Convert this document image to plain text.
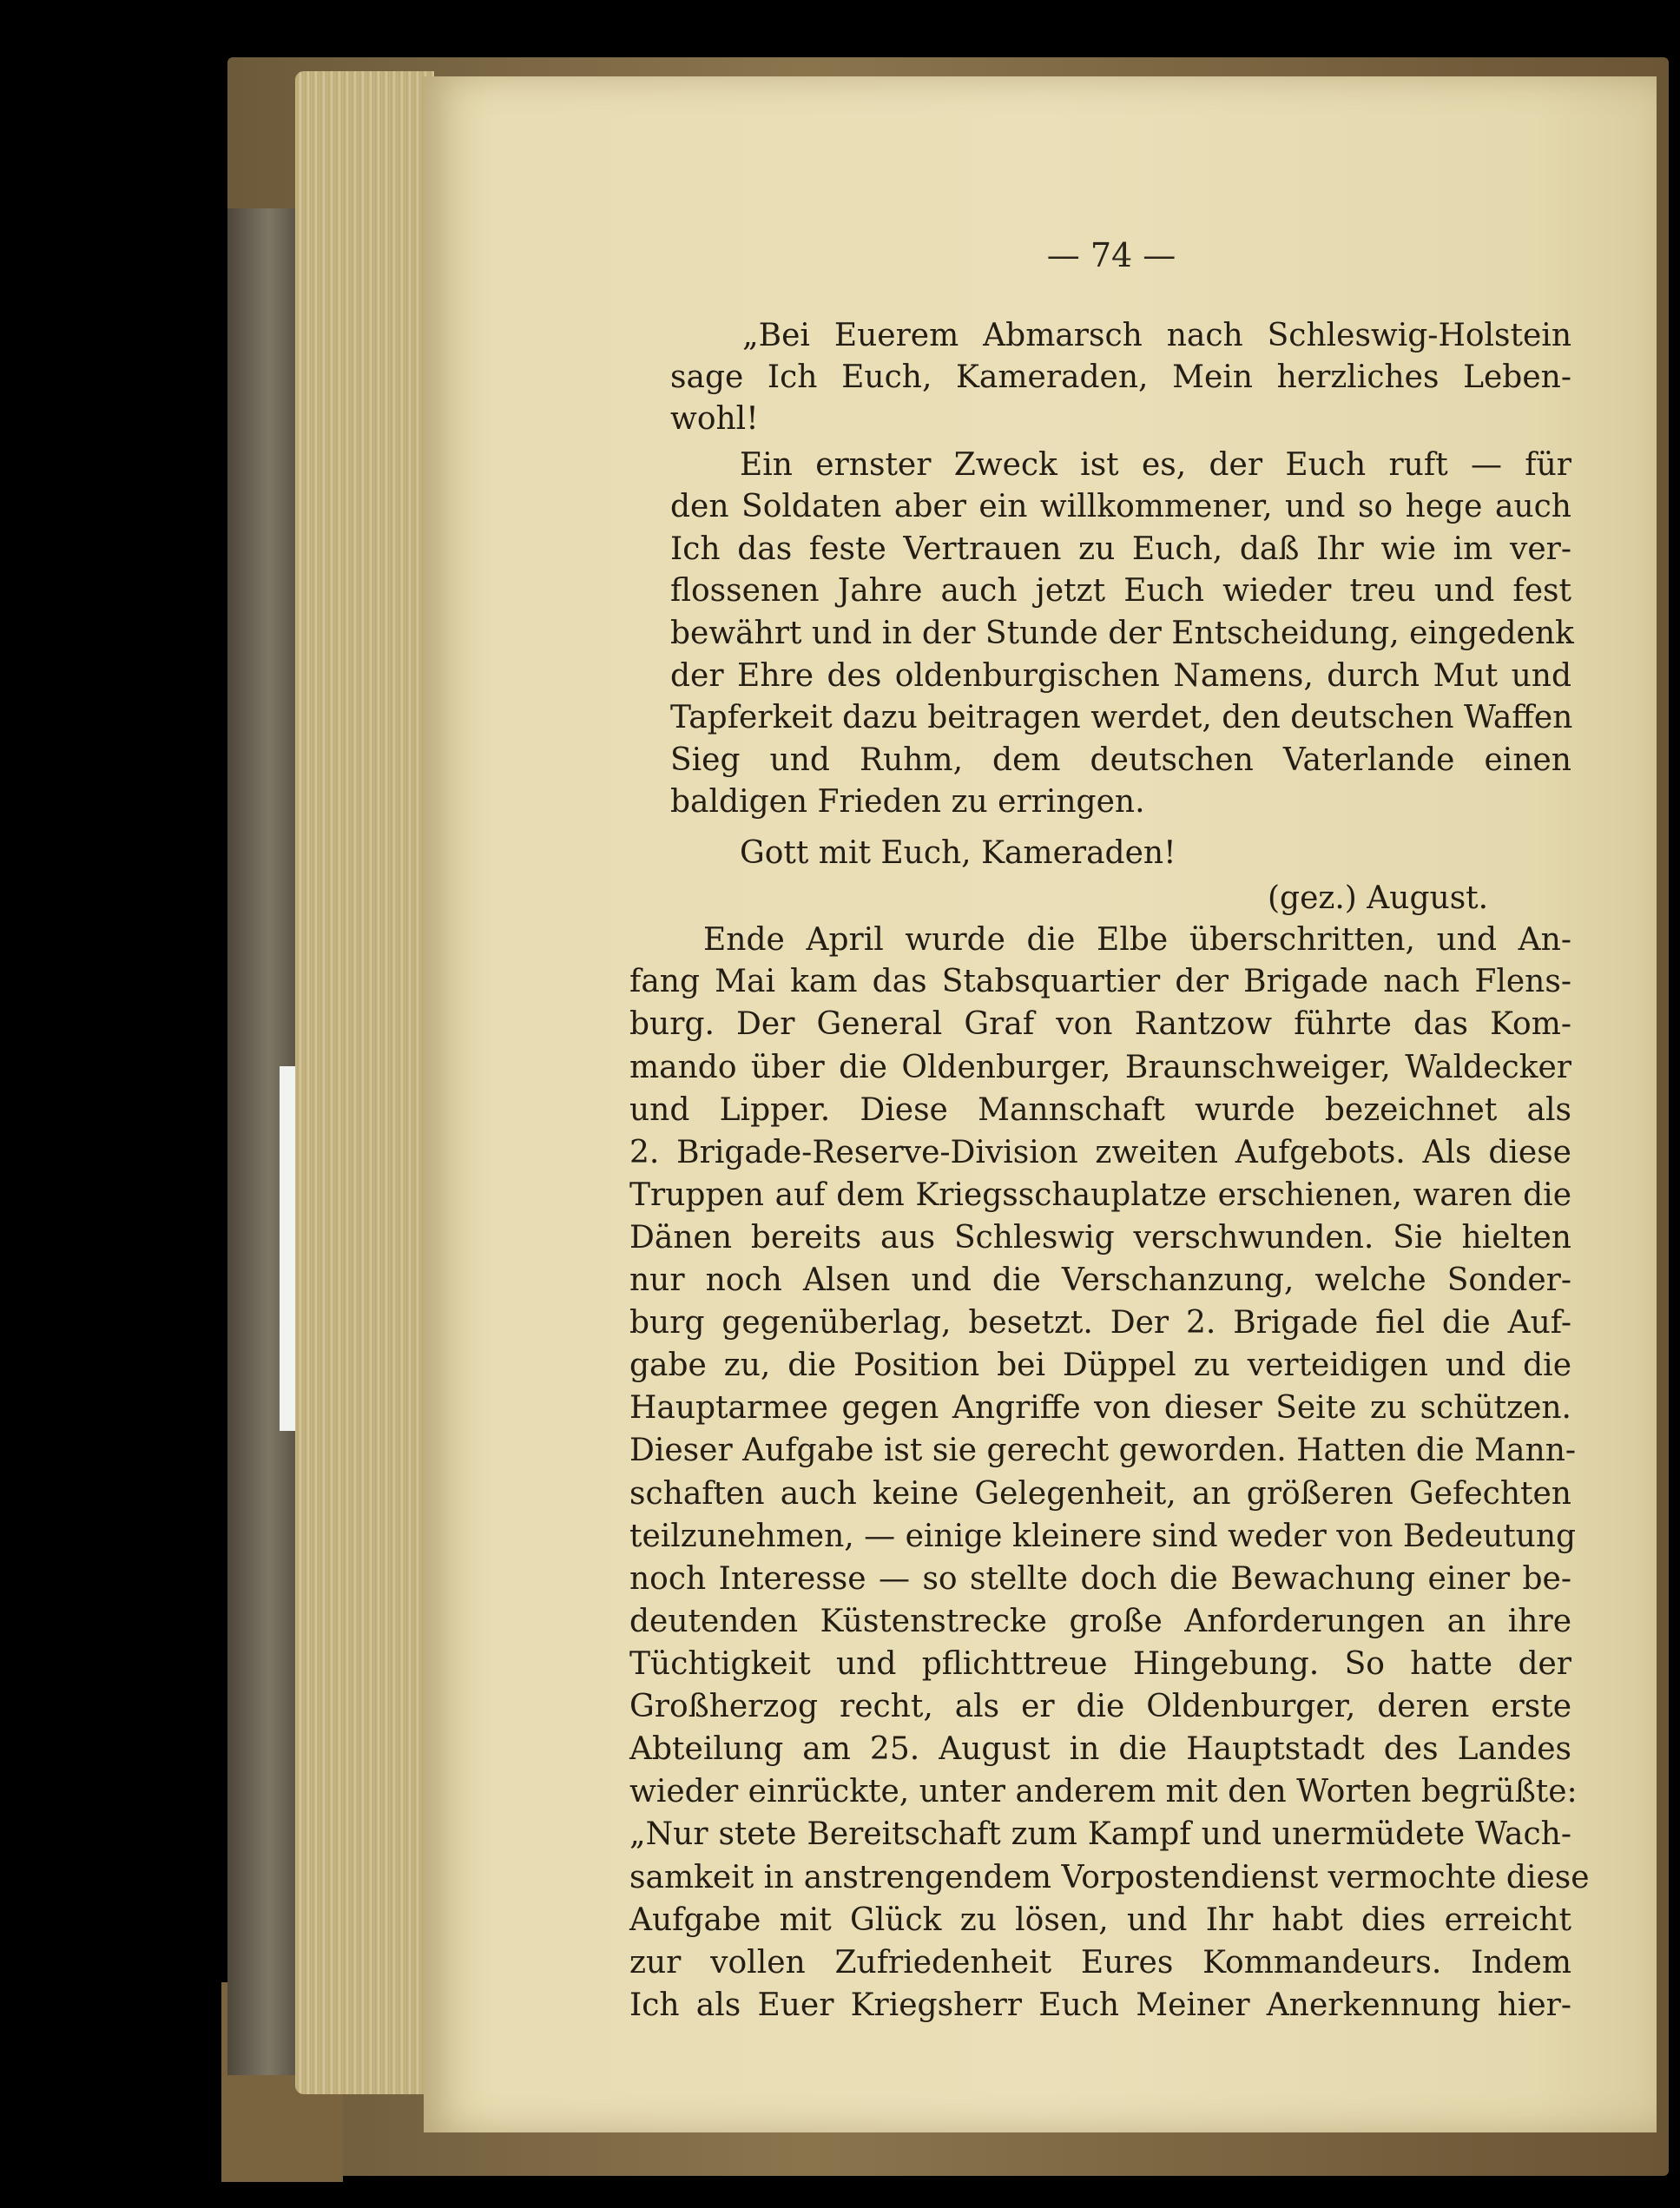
— 74 —
„Bei Euerem Abmarsch nach Schleswig-Holstein
sage Ich Euch, Kameraden, Mein herzliches Leben-
wohl!
Ein ernster Zweck ist es, der Euch ruft — für
den Soldaten aber ein willkommener, und so hege auch
Ich das feste Vertrauen zu Euch, daß Ihr wie im ver-
flossenen Jahre auch jetzt Euch wieder treu und fest
bewährt und in der Stunde der Entscheidung, eingedenk
der Ehre des oldenburgischen Namens, durch Mut und
Tapferkeit dazu beitragen werdet, den deutschen Waffen
Sieg und Ruhm, dem deutschen Vaterlande einen
baldigen Frieden zu erringen.
Gott mit Euch, Kameraden!
(gez.) August.
Ende April wurde die Elbe überschritten, und An-
fang Mai kam das Stabsquartier der Brigade nach Flens-
burg. Der General Graf von Rantzow führte das Kom-
mando über die Oldenburger, Braunschweiger, Waldecker
und Lipper. Diese Mannschaft wurde bezeichnet als
2. Brigade-Reserve-Division zweiten Aufgebots. Als diese
Truppen auf dem Kriegsschauplatze erschienen, waren die
Dänen bereits aus Schleswig verschwunden. Sie hielten
nur noch Alsen und die Verschanzung, welche Sonder-
burg gegenüberlag, besetzt. Der 2. Brigade fiel die Auf-
gabe zu, die Position bei Düppel zu verteidigen und die
Hauptarmee gegen Angriffe von dieser Seite zu schützen.
Dieser Aufgabe ist sie gerecht geworden. Hatten die Mann-
schaften auch keine Gelegenheit, an größeren Gefechten
teilzunehmen, — einige kleinere sind weder von Bedeutung
noch Interesse — so stellte doch die Bewachung einer be-
deutenden Küstenstrecke große Anforderungen an ihre
Tüchtigkeit und pflichttreue Hingebung. So hatte der
Großherzog recht, als er die Oldenburger, deren erste
Abteilung am 25. August in die Hauptstadt des Landes
wieder einrückte, unter anderem mit den Worten begrüßte:
„Nur stete Bereitschaft zum Kampf und unermüdete Wach-
samkeit in anstrengendem Vorpostendienst vermochte diese
Aufgabe mit Glück zu lösen, und Ihr habt dies erreicht
zur vollen Zufriedenheit Eures Kommandeurs. Indem
Ich als Euer Kriegsherr Euch Meiner Anerkennung hier-
